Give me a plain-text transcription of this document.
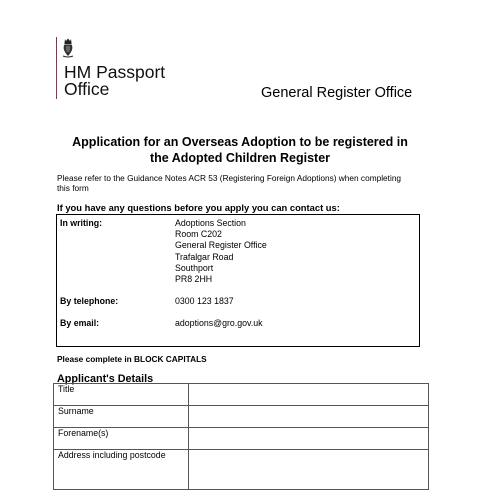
HM Passport
Office	General Register Office
Application for an Overseas Adoption to be registered in
the Adopted Children Register
Please refer to the Guidance Notes ACR 53 (Registering Foreign Adoptions) when completing this form
If you have any questions before you apply you can contact us:
In writing:	Adoptions Section
Room C202
General Register Office
Trafalgar Road
Southport
PR8 2HH
By telephone:	0300 123 1837
By email:	adoptions@gro.gov.uk
Please complete in BLOCK CAPITALS
Applicant's Details
Title	
Surname	
Forename(s)	
Address including postcode	
